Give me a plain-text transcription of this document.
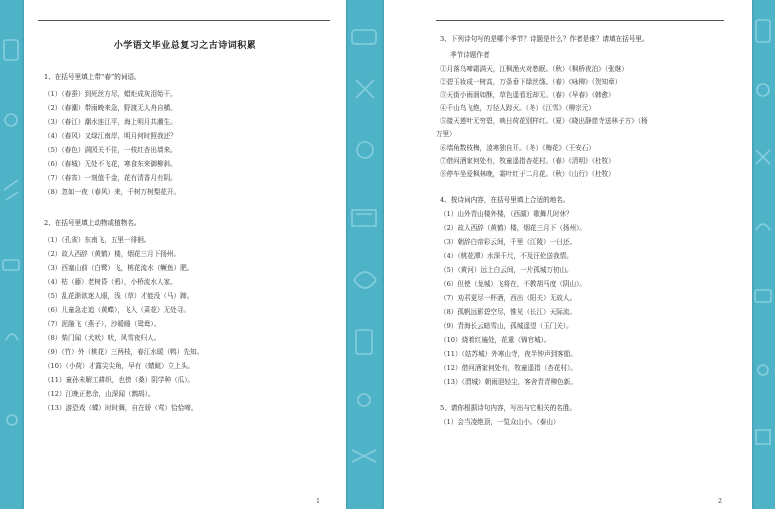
小学语文毕业总复习之古诗词积累
1、在括号里填上带“春”的词语。
（1）（春蚕）到死丝方尽，蜡炬成灰泪始干。
（2）（春潮）带雨晚来急，野渡无人舟自横。
（3）（春江）潮水连江平，海上明月共潮生。
（4）（春风）又绿江南岸，明月何时照我还？
（5）（春色）满园关不住，一枝红杏出墙来。
（6）（春城）无处不飞花，寒食东来御柳斜。
（7）（春宵）一刻值千金，花有清香月有阴。
（8）忽如一夜（春风）来，千树万树梨花开。
2、在括号里填上动物或植物名。
（1）（孔雀）东南飞，五里一徘徊。
（2）故人西辞（黄鹤）楼，烟花三月下扬州。
（3）西塞山前（白鹭）飞，桃花流水（鳜鱼）肥。
（4）枯（藤）老树昏（鸦），小桥流水人家。
（5）乱花渐欲迷人眼，浅（草）才能没（马）蹄。
（6）儿童急走追（黄蝶），飞入（菜花）无处寻。
（7）泥融飞（燕子），沙暖睡（鸳鸯）。
（8）柴门闻（犬吠）吠，风雪夜归人。
（9）（竹）外（桃花）三两枝，春江水暖（鸭）先知。
（10）（小荷）才露尖尖角，早有（蜻蜓）立上头。
（11）童孙未解工耕织，也傍（桑）阴学种（瓜）。
（12）江晚正愁余，山深闻（鹧鸪）。
（13）游恐戏（蝶）时时舞，自在娇（莺）恰恰啼。
1
3、下列诗句写的是哪个季节？诗题是什么？作者是谁？请填在括号里。
季节诗题作者
①月落乌啼霜满天，江枫渔火对愁眠。（秋）《枫桥夜泊》（张继）
②碧玉妆成一树高，万条垂下绿丝绦。（春）《咏柳》（贺知章）
③天街小雨润如酥，草色遥看近却无。（春）《早春》（韩愈）
④千山鸟飞绝，万径人踪灭。（冬）《江雪》（柳宗元）
⑤接天莲叶无穷碧，映日荷花别样红。（夏）《晓出静慈寺送林子方》（杨
万里）
⑥墙角数枝梅，凌寒独自开。（冬）《梅花》（王安石）
⑦借问酒家何处有，牧童遥指杏花村。（春）《清明》（杜牧）
⑧停车坐爱枫林晚，霜叶红于二月花。（秋）《山行》（杜牧）
4、按诗词内容，在括号里填上合适的地名。
（1）山外青山楼外楼，（西湖）歌舞几时休？
（2）故人西辞（黄鹤）楼，烟花三月下（扬州）。
（3）朝辞白帝彩云间，千里（江陵）一日还。
（4）（桃花潭）水深千尺，不及汪伦送我情。
（5）（黄河）远上白云间，一片孤城万仞山。
（6）但使（龙城）飞将在，不教胡马度（阴山）。
（7）劝君更尽一杯酒，西出（阳关）无故人。
（8）孤帆远影碧空尽，惟见（长江）天际流。
（9）青海长云暗雪山，孤城遥望（玉门关）。
（10）烧着红遍处，花重（锦官城）。
（11）（姑苏城）外寒山寺，夜半钟声到客船。
（12）借问酒家何处有，牧童遥指（杏花村）。
（13）（渭城）朝雨浥轻尘，客舍青青柳色新。
5、请你根据诗句内容，写出与它相关的名胜。
（1）会当凌绝顶，一览众山小。（泰山）
2
